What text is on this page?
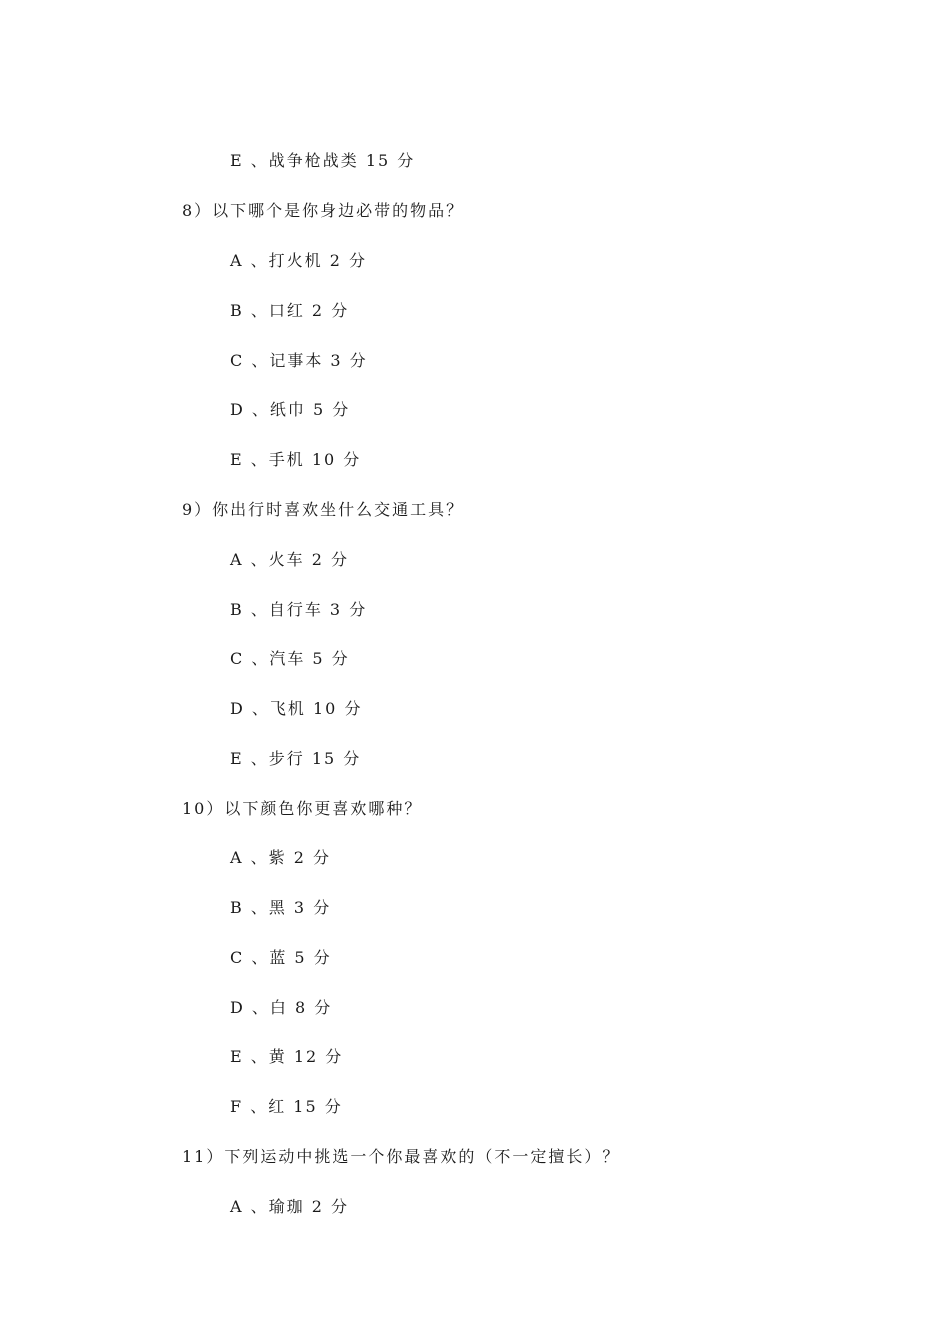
E 、战争枪战类 15 分
8）以下哪个是你身边必带的物品？
A 、打火机 2 分
B 、口红 2 分
C 、记事本 3 分
D 、纸巾 5 分
E 、手机 10 分
9）你出行时喜欢坐什么交通工具？
A 、火车 2 分
B 、自行车 3 分
C 、汽车 5 分
D 、飞机 10 分
E 、步行 15 分
10）以下颜色你更喜欢哪种？
A 、紫 2 分
B 、黑 3 分
C 、蓝 5 分
D 、白 8 分
E 、黄 12 分
F 、红 15 分
11）下列运动中挑选一个你最喜欢的（不一定擅长）？
A 、瑜珈 2 分
